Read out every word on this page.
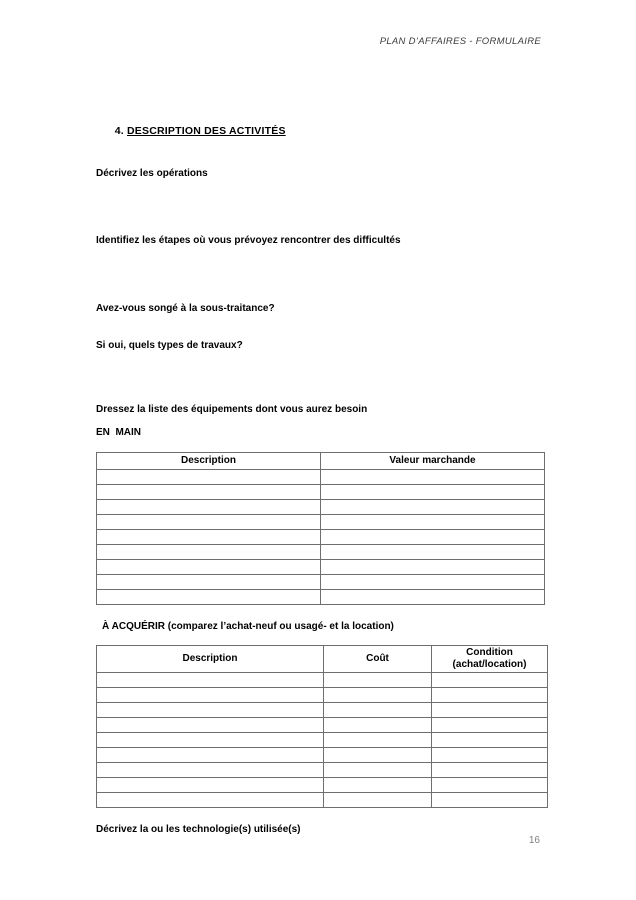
PLAN D’AFFAIRES - FORMULAIRE

4. DESCRIPTION DES ACTIVITÉS

Décrivez les opérations

Identifiez les étapes où vous prévoyez rencontrer des difficultés

Avez-vous songé à la sous-traitance?

Si oui, quels types de travaux?

Dressez la liste des équipements dont vous aurez besoin

EN  MAIN

Description	Valeur marchande

À ACQUÉRIR (comparez l’achat-neuf ou usagé- et la location)

Description	Coût	Condition
(achat/location)

Décrivez la ou les technologie(s) utilisée(s)

16
